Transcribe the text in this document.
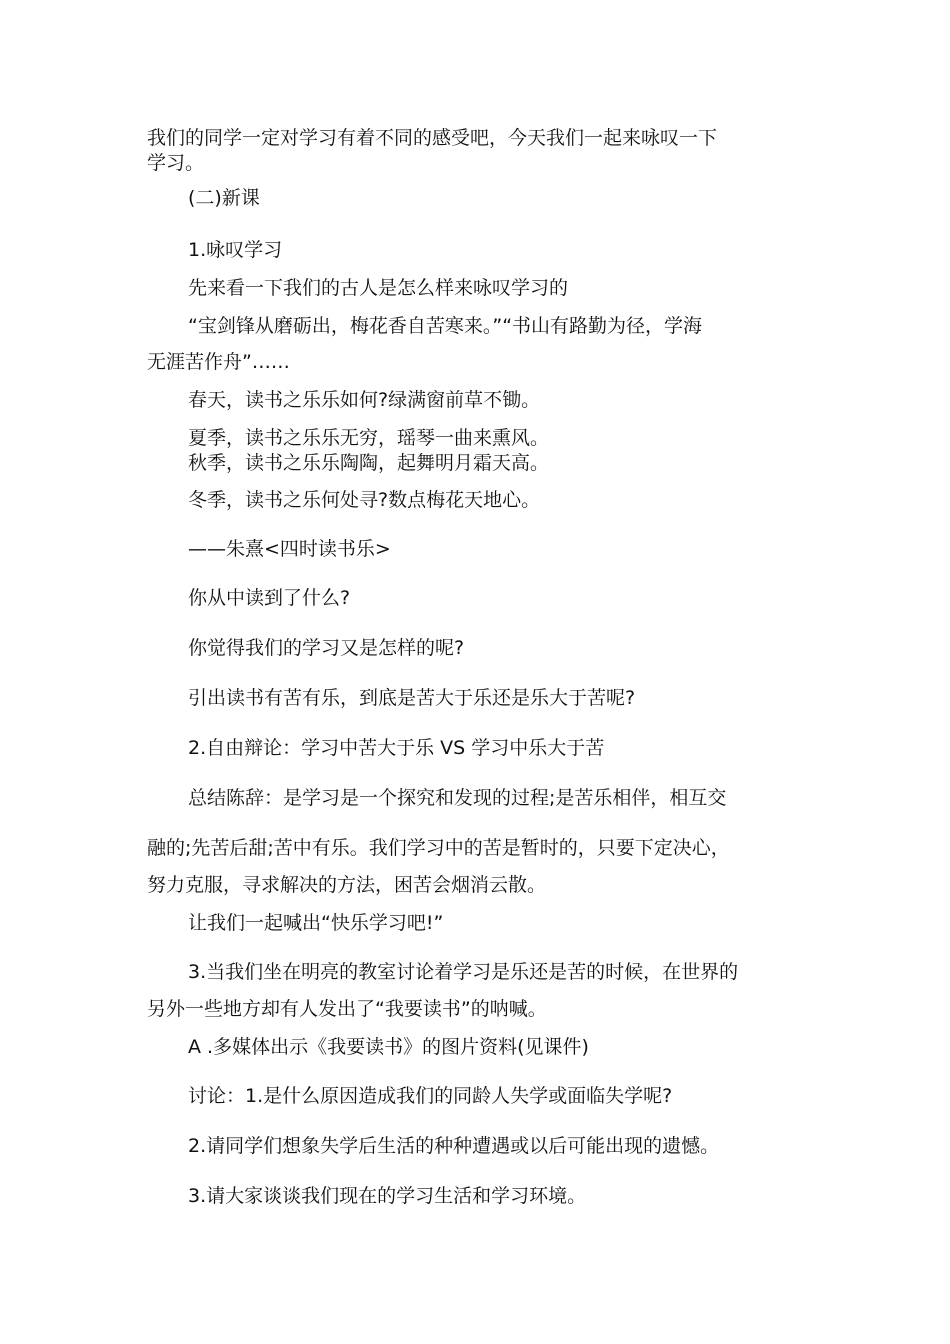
我们的同学一定对学习有着不同的感受吧，今天我们一起来咏叹一下
学习。
(二)新课
1.咏叹学习
先来看一下我们的古人是怎么样来咏叹学习的
“宝剑锋从磨砺出，梅花香自苦寒来。”“书山有路勤为径，学海
无涯苦作舟”……
春天，读书之乐乐如何?绿满窗前草不锄。
夏季，读书之乐乐无穷，瑶琴一曲来熏风。
秋季，读书之乐乐陶陶，起舞明月霜天高。
冬季，读书之乐何处寻?数点梅花天地心。
——朱熹<四时读书乐>
你从中读到了什么?
你觉得我们的学习又是怎样的呢?
引出读书有苦有乐，到底是苦大于乐还是乐大于苦呢?
2.自由辩论：学习中苦大于乐 VS 学习中乐大于苦
总结陈辞：是学习是一个探究和发现的过程;是苦乐相伴，相互交
融的;先苦后甜;苦中有乐。我们学习中的苦是暂时的，只要下定决心，
努力克服，寻求解决的方法，困苦会烟消云散。
让我们一起喊出“快乐学习吧!”
3.当我们坐在明亮的教室讨论着学习是乐还是苦的时候，在世界的
另外一些地方却有人发出了“我要读书”的呐喊。
A .多媒体出示《我要读书》的图片资料(见课件)
讨论：1.是什么原因造成我们的同龄人失学或面临失学呢?
2.请同学们想象失学后生活的种种遭遇或以后可能出现的遗憾。
3.请大家谈谈我们现在的学习生活和学习环境。
